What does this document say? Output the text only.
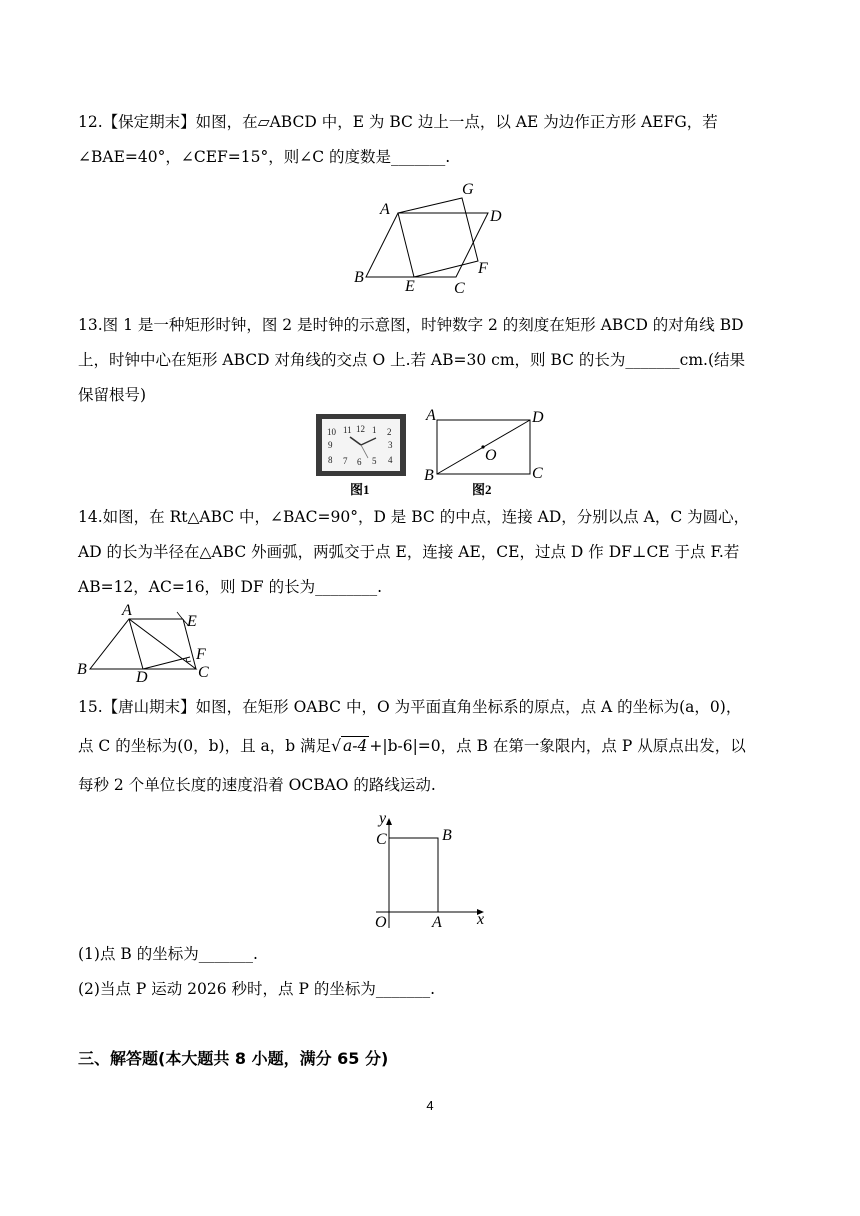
12.【保定期末】如图，在▱ABCD 中，E 为 BC 边上一点，以 AE 为边作正方形 AEFG，若

∠BAE=40°，∠CEF=15°，则∠C 的度数是_______.

A
B
C
D
E
F
G

13.图 1 是一种矩形时钟，图 2 是时钟的示意图，时钟数字 2 的刻度在矩形 ABCD 的对角线 BD

上，时钟中心在矩形 ABCD 对角线的交点 O 上.若 AB=30 cm，则 BC 的长为_______cm.(结果

保留根号)

10 11 12 1 2
9	3
8 7 6 5 4
图1
A
B	C
D
O
图2

14.如图，在 Rt△ABC 中，∠BAC=90°，D 是 BC 的中点，连接 AD，分别以点 A，C 为圆心，

AD 的长为半径在△ABC 外画弧，两弧交于点 E，连接 AE，CE，过点 D 作 DF⊥CE 于点 F.若

AB=12，AC=16，则 DF 的长为________.

A
B	C
D
E
F

15.【唐山期末】如图，在矩形 OABC 中，O 为平面直角坐标系的原点，点 A 的坐标为(a，0)，

点 C 的坐标为(0，b)，且 a，b 满足√ a-4 +|b-6|=0，点 B 在第一象限内，点 P 从原点出发，以

每秒 2 个单位长度的速度沿着 OCBAO 的路线运动.

y
x
C	B
O	A

(1)点 B 的坐标为_______.

(2)当点 P 运动 2026 秒时，点 P 的坐标为_______.

三、解答题(本大题共 8 小题，满分 65 分)
4
